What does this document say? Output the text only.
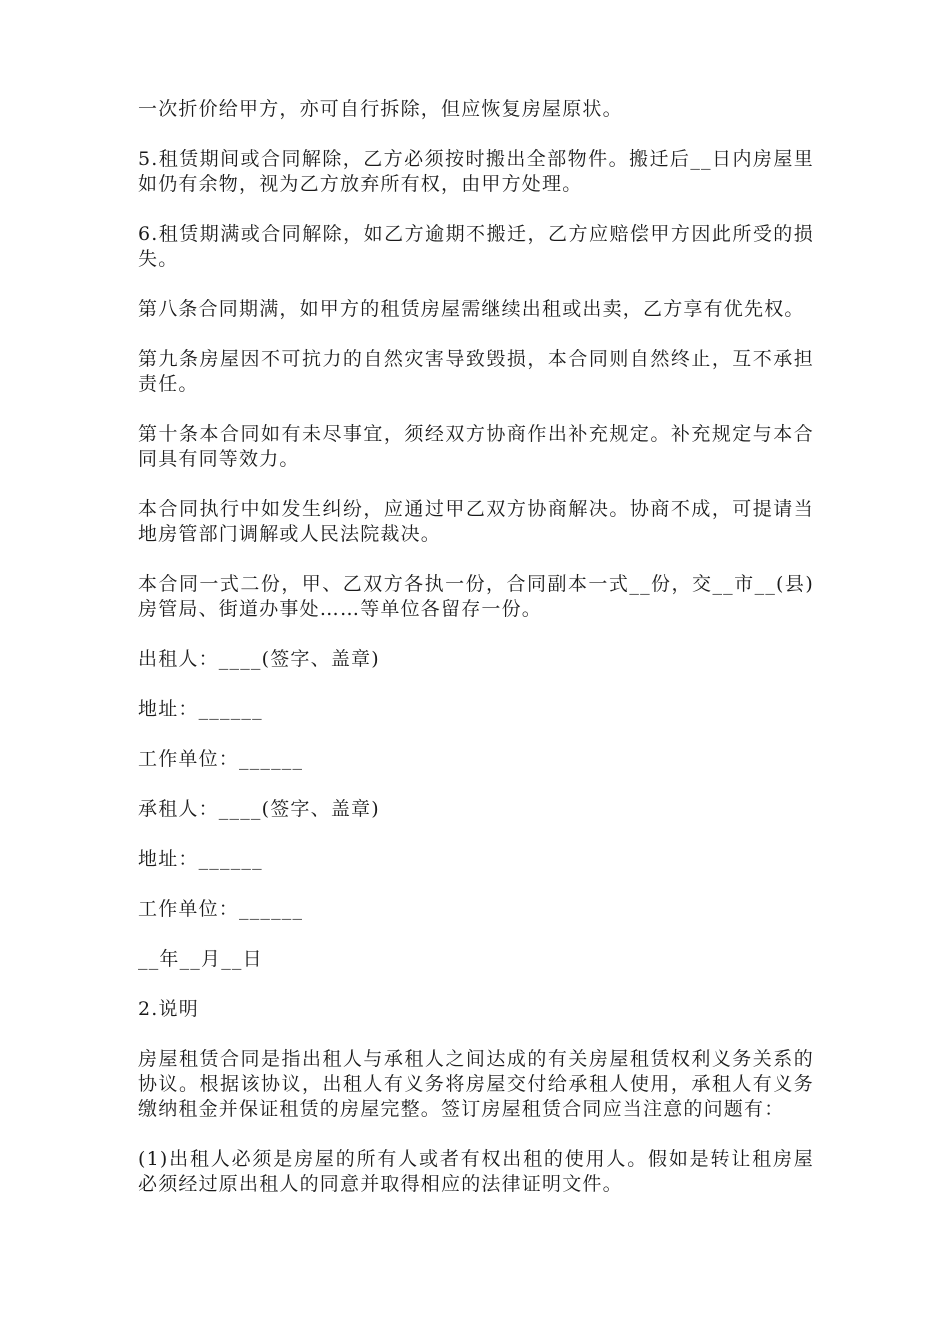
一次折价给甲方，亦可自行拆除，但应恢复房屋原状。

5.租赁期间或合同解除，乙方必须按时搬出全部物件。搬迁后__日内房屋里如仍有余物，视为乙方放弃所有权，由甲方处理。

6.租赁期满或合同解除，如乙方逾期不搬迁，乙方应赔偿甲方因此所受的损失。

第八条合同期满，如甲方的租赁房屋需继续出租或出卖，乙方享有优先权。

第九条房屋因不可抗力的自然灾害导致毁损，本合同则自然终止，互不承担责任。

第十条本合同如有未尽事宜，须经双方协商作出补充规定。补充规定与本合同具有同等效力。

本合同执行中如发生纠纷，应通过甲乙双方协商解决。协商不成，可提请当地房管部门调解或人民法院裁决。

本合同一式二份，甲、乙双方各执一份，合同副本一式__份，交__市__(县)房管局、街道办事处……等单位各留存一份。

出租人：____(签字、盖章)

地址：______

工作单位：______

承租人：____(签字、盖章)

地址：______

工作单位：______

__年__月__日

2.说明

房屋租赁合同是指出租人与承租人之间达成的有关房屋租赁权利义务关系的协议。根据该协议，出租人有义务将房屋交付给承租人使用，承租人有义务缴纳租金并保证租赁的房屋完整。签订房屋租赁合同应当注意的问题有：

(1)出租人必须是房屋的所有人或者有权出租的使用人。假如是转让租房屋必须经过原出租人的同意并取得相应的法律证明文件。
